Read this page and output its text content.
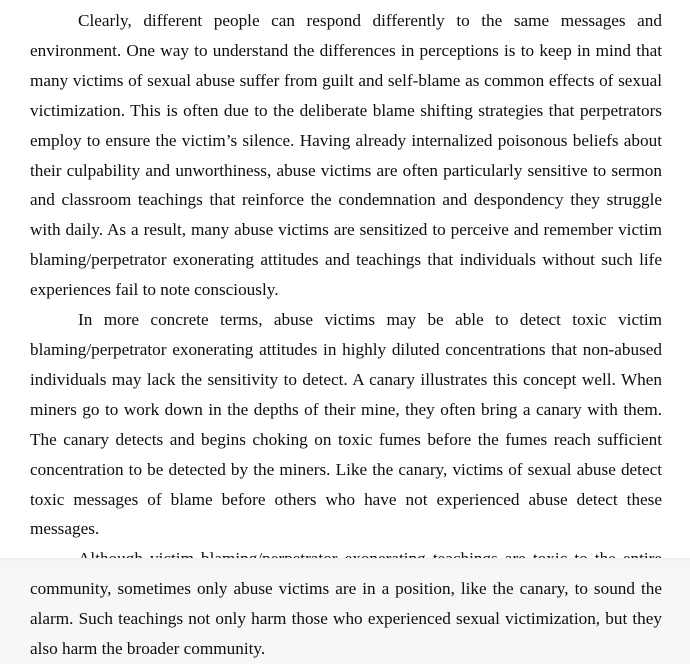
Clearly, different people can respond differently to the same messages and environment. One way to understand the differences in perceptions is to keep in mind that many victims of sexual abuse suffer from guilt and self-blame as common effects of sexual victimization. This is often due to the deliberate blame shifting strategies that perpetrators employ to ensure the victim’s silence. Having already internalized poisonous beliefs about their culpability and unworthiness, abuse victims are often particularly sensitive to sermon and classroom teachings that reinforce the condemnation and despondency they struggle with daily. As a result, many abuse victims are sensitized to perceive and remember victim blaming/perpetrator exonerating attitudes and teachings that individuals without such life experiences fail to note consciously.

In more concrete terms, abuse victims may be able to detect toxic victim blaming/perpetrator exonerating attitudes in highly diluted concentrations that non-abused individuals may lack the sensitivity to detect. A canary illustrates this concept well. When miners go to work down in the depths of their mine, they often bring a canary with them. The canary detects and begins choking on toxic fumes before the fumes reach sufficient concentration to be detected by the miners. Like the canary, victims of sexual abuse detect toxic messages of blame before others who have not experienced abuse detect these messages.

community, sometimes only abuse victims are in a position, like the canary, to sound the alarm. Such teachings not only harm those who experienced sexual victimization, but they also harm the broader community.
